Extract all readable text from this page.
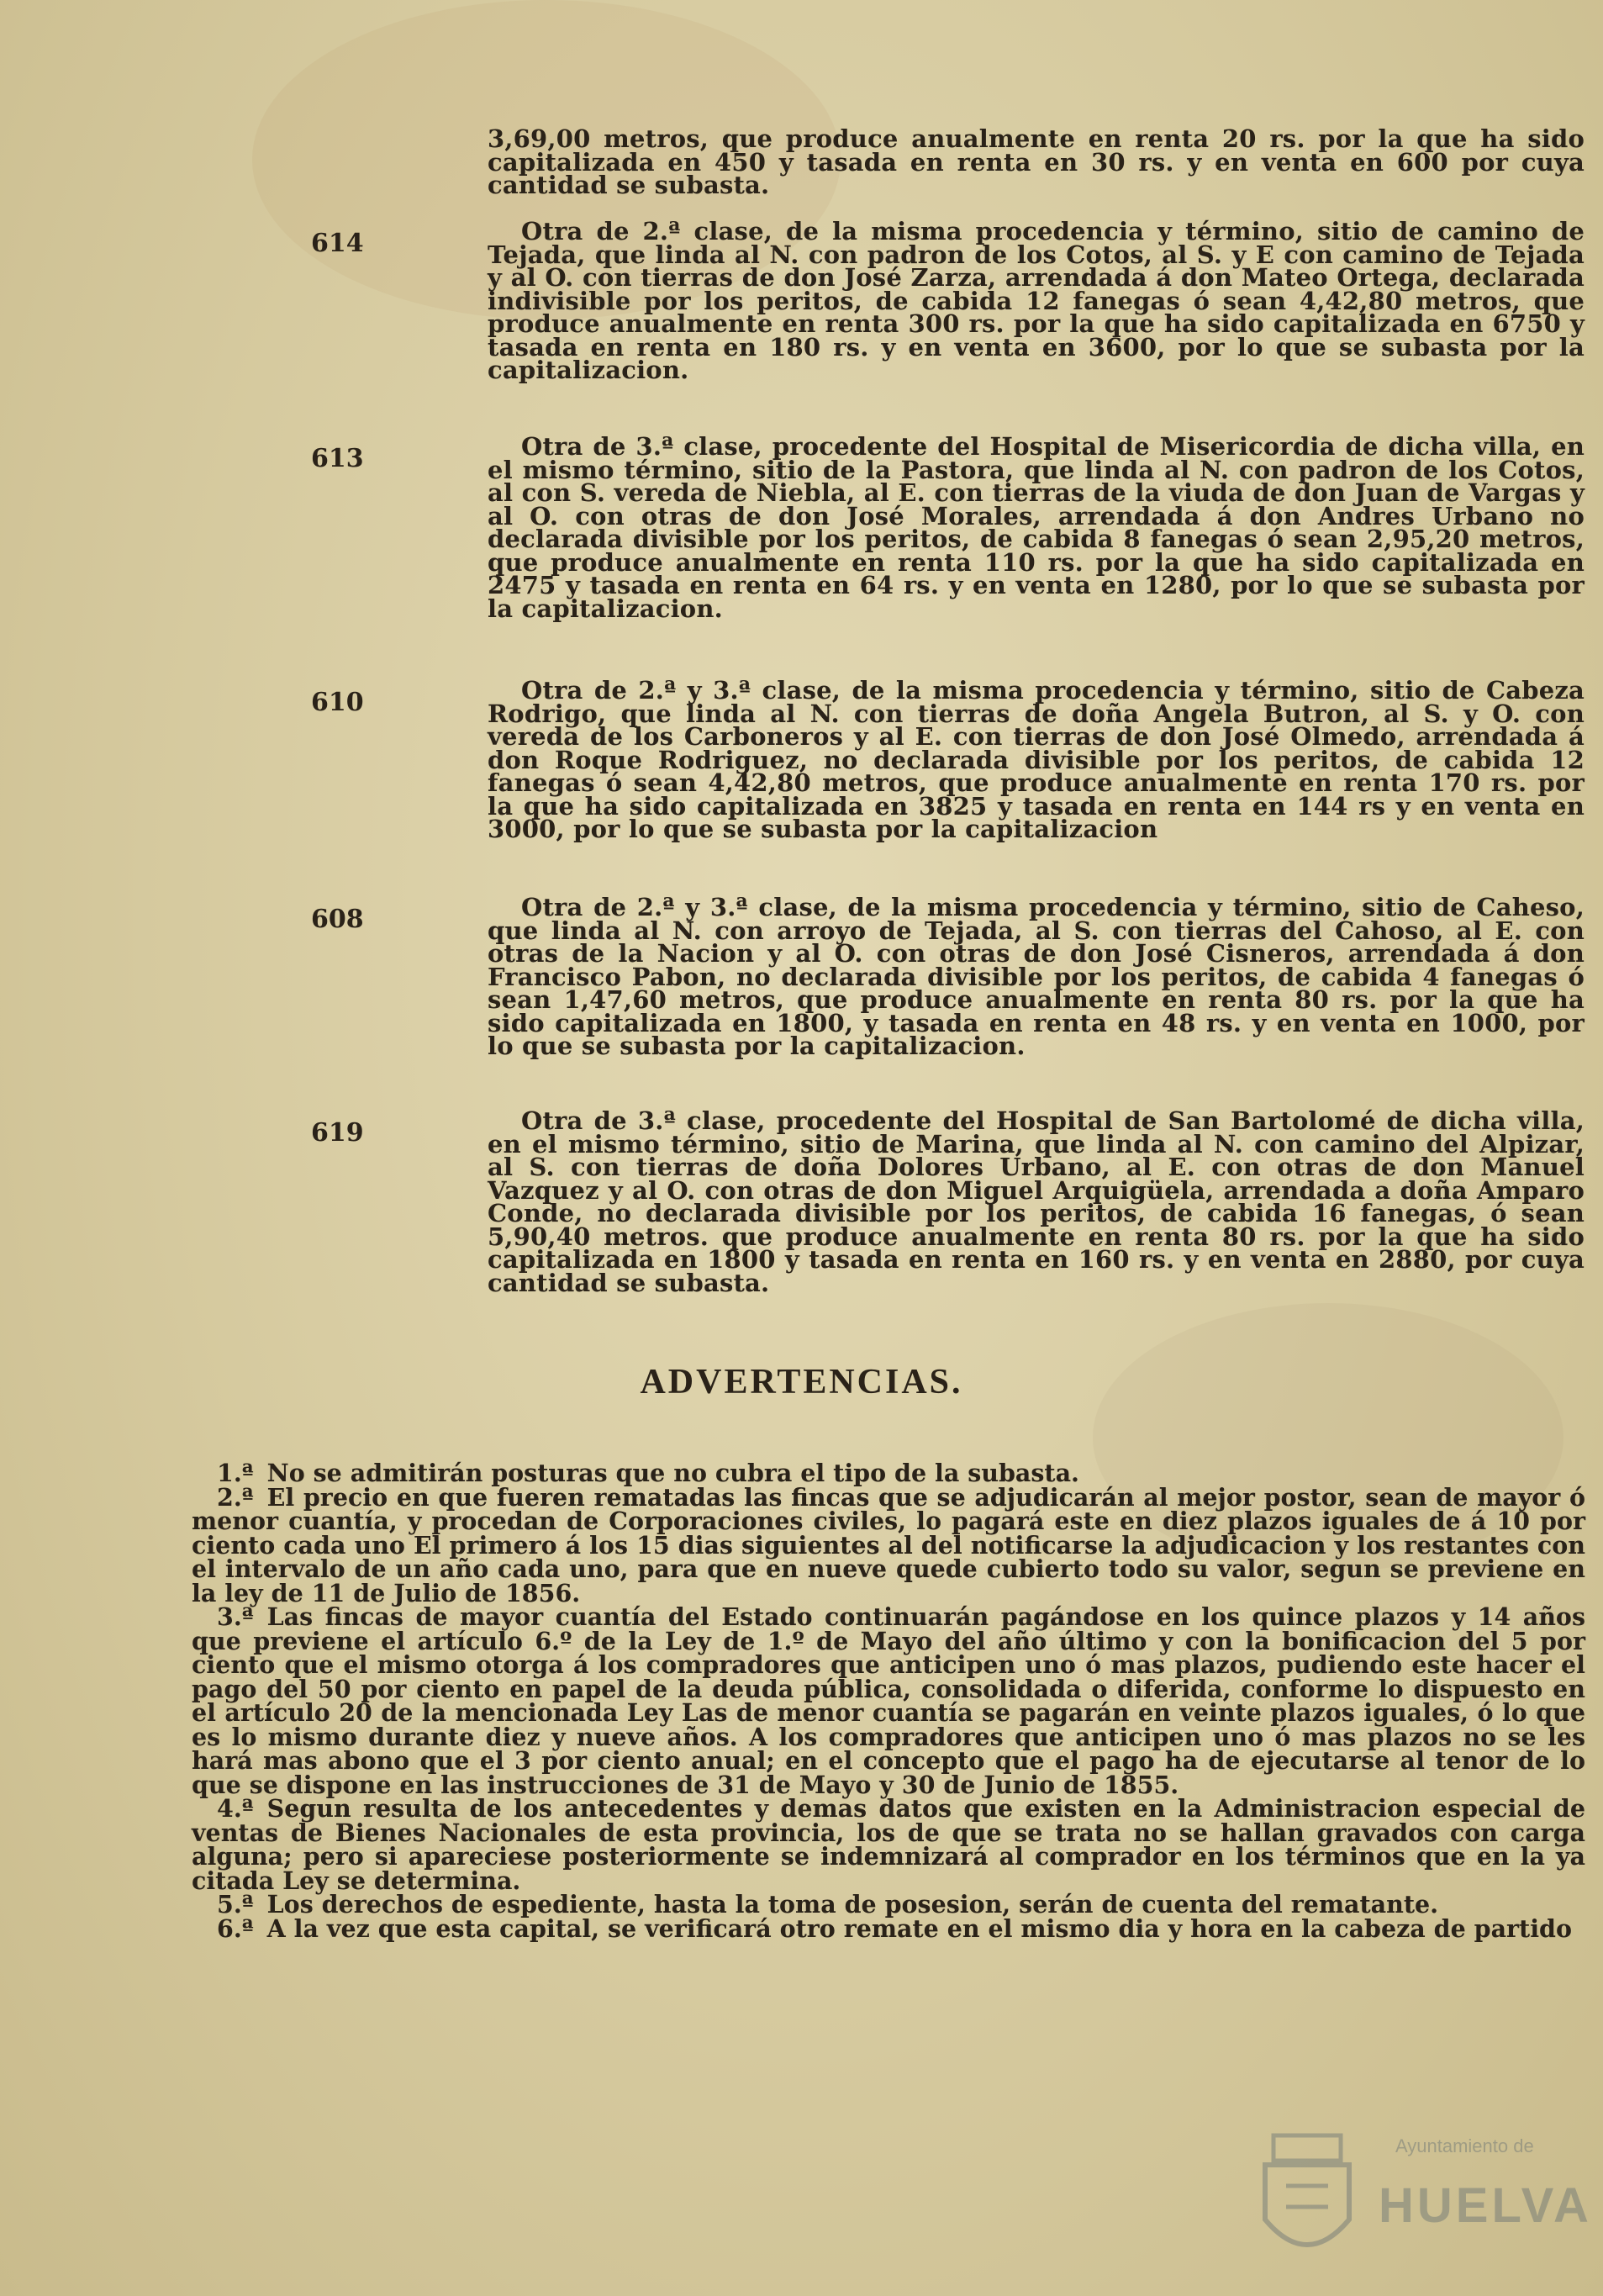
3,69,00 metros, que produce anualmente en renta 20 rs. por la que ha sido capitalizada en 450 y tasada en renta en 30 rs. y en venta en 600 por cuya cantidad se subasta.
614	Otra de 2.ª clase, de la misma procedencia y término, sitio de camino de Tejada, que linda al N. con padron de los Cotos, al S. y E con camino de Tejada y al O. con tierras de don José Zarza, arrendada á don Mateo Ortega, declarada indivisible por los peritos, de cabida 12 fanegas ó sean 4,42,80 metros, que produce anualmente en renta 300 rs. por la que ha sido capitalizada en 6750 y tasada en renta en 180 rs. y en venta en 3600, por lo que se subasta por la capitalizacion.
613	Otra de 3.ª clase, procedente del Hospital de Misericordia de dicha villa, en el mismo término, sitio de la Pastora, que linda al N. con padron de los Cotos, al con S. vereda de Niebla, al E. con tierras de la viuda de don Juan de Vargas y al O. con otras de don José Morales, arrendada á don Andres Urbano no declarada divisible por los peritos, de cabida 8 fanegas ó sean 2,95,20 metros, que produce anualmente en renta 110 rs. por la que ha sido capitalizada en 2475 y tasada en renta en 64 rs. y en venta en 1280, por lo que se subasta por la capitalizacion.
610	Otra de 2.ª y 3.ª clase, de la misma procedencia y término, sitio de Cabeza Rodrigo, que linda al N. con tierras de doña Angela Butron, al S. y O. con vereda de los Carboneros y al E. con tierras de don José Olmedo, arrendada á don Roque Rodriguez, no declarada divisible por los peritos, de cabida 12 fanegas ó sean 4,42,80 metros, que produce anualmente en renta 170 rs. por la que ha sido capitalizada en 3825 y tasada en renta en 144 rs y en venta en 3000, por lo que se subasta por la capitalizacion
608	Otra de 2.ª y 3.ª clase, de la misma procedencia y término, sitio de Caheso, que linda al N. con arroyo de Tejada, al S. con tierras del Cahoso, al E. con otras de la Nacion y al O. con otras de don José Cisneros, arrendada á don Francisco Pabon, no declarada divisible por los peritos, de cabida 4 fanegas ó sean 1,47,60 metros, que produce anualmente en renta 80 rs. por la que ha sido capitalizada en 1800, y tasada en renta en 48 rs. y en venta en 1000, por lo que se subasta por la capitalizacion.
619	Otra de 3.ª clase, procedente del Hospital de San Bartolomé de dicha villa, en el mismo término, sitio de Marina, que linda al N. con camino del Alpizar, al S. con tierras de doña Dolores Urbano, al E. con otras de don Manuel Vazquez y al O. con otras de don Miguel Arquigüela, arrendada a doña Amparo Conde, no declarada divisible por los peritos, de cabida 16 fanegas, ó sean 5,90,40 metros. que produce anualmente en renta 80 rs. por la que ha sido capitalizada en 1800 y tasada en renta en 160 rs. y en venta en 2880, por cuya cantidad se subasta.
ADVERTENCIAS.

1.ª No se admitirán posturas que no cubra el tipo de la subasta.

2.ª El precio en que fueren rematadas las fincas que se adjudicarán al mejor postor, sean de mayor ó menor cuantía, y procedan de Corporaciones civiles, lo pagará este en diez plazos iguales de á 10 por ciento cada uno El primero á los 15 dias siguientes al del notificarse la adjudicacion y los restantes con el intervalo de un año cada uno, para que en nueve quede cubierto todo su valor, segun se previene en la ley de 11 de Julio de 1856.

3.ª Las fincas de mayor cuantía del Estado continuarán pagándose en los quince plazos y 14 años que previene el artículo 6.º de la Ley de 1.º de Mayo del año último y con la bonificacion del 5 por ciento que el mismo otorga á los compradores que anticipen uno ó mas plazos, pudiendo este hacer el pago del 50 por ciento en papel de la deuda pública, consolidada o diferida, conforme lo dispuesto en el artículo 20 de la mencionada Ley Las de menor cuantía se pagarán en veinte plazos iguales, ó lo que es lo mismo durante diez y nueve años. A los compradores que anticipen uno ó mas plazos no se les hará mas abono que el 3 por ciento anual; en el concepto que el pago ha de ejecutarse al tenor de lo que se dispone en las instrucciones de 31 de Mayo y 30 de Junio de 1855.

4.ª Segun resulta de los antecedentes y demas datos que existen en la Administracion especial de ventas de Bienes Nacionales de esta provincia, los de que se trata no se hallan gravados con carga alguna; pero si apareciese posteriormente se indemnizará al comprador en los términos que en la ya citada Ley se determina.

5.ª Los derechos de espediente, hasta la toma de posesion, serán de cuenta del rematante.

6.ª A la vez que esta capital, se verificará otro remate en el mismo dia y hora en la cabeza de partido

Ayuntamiento de
HUELVA
